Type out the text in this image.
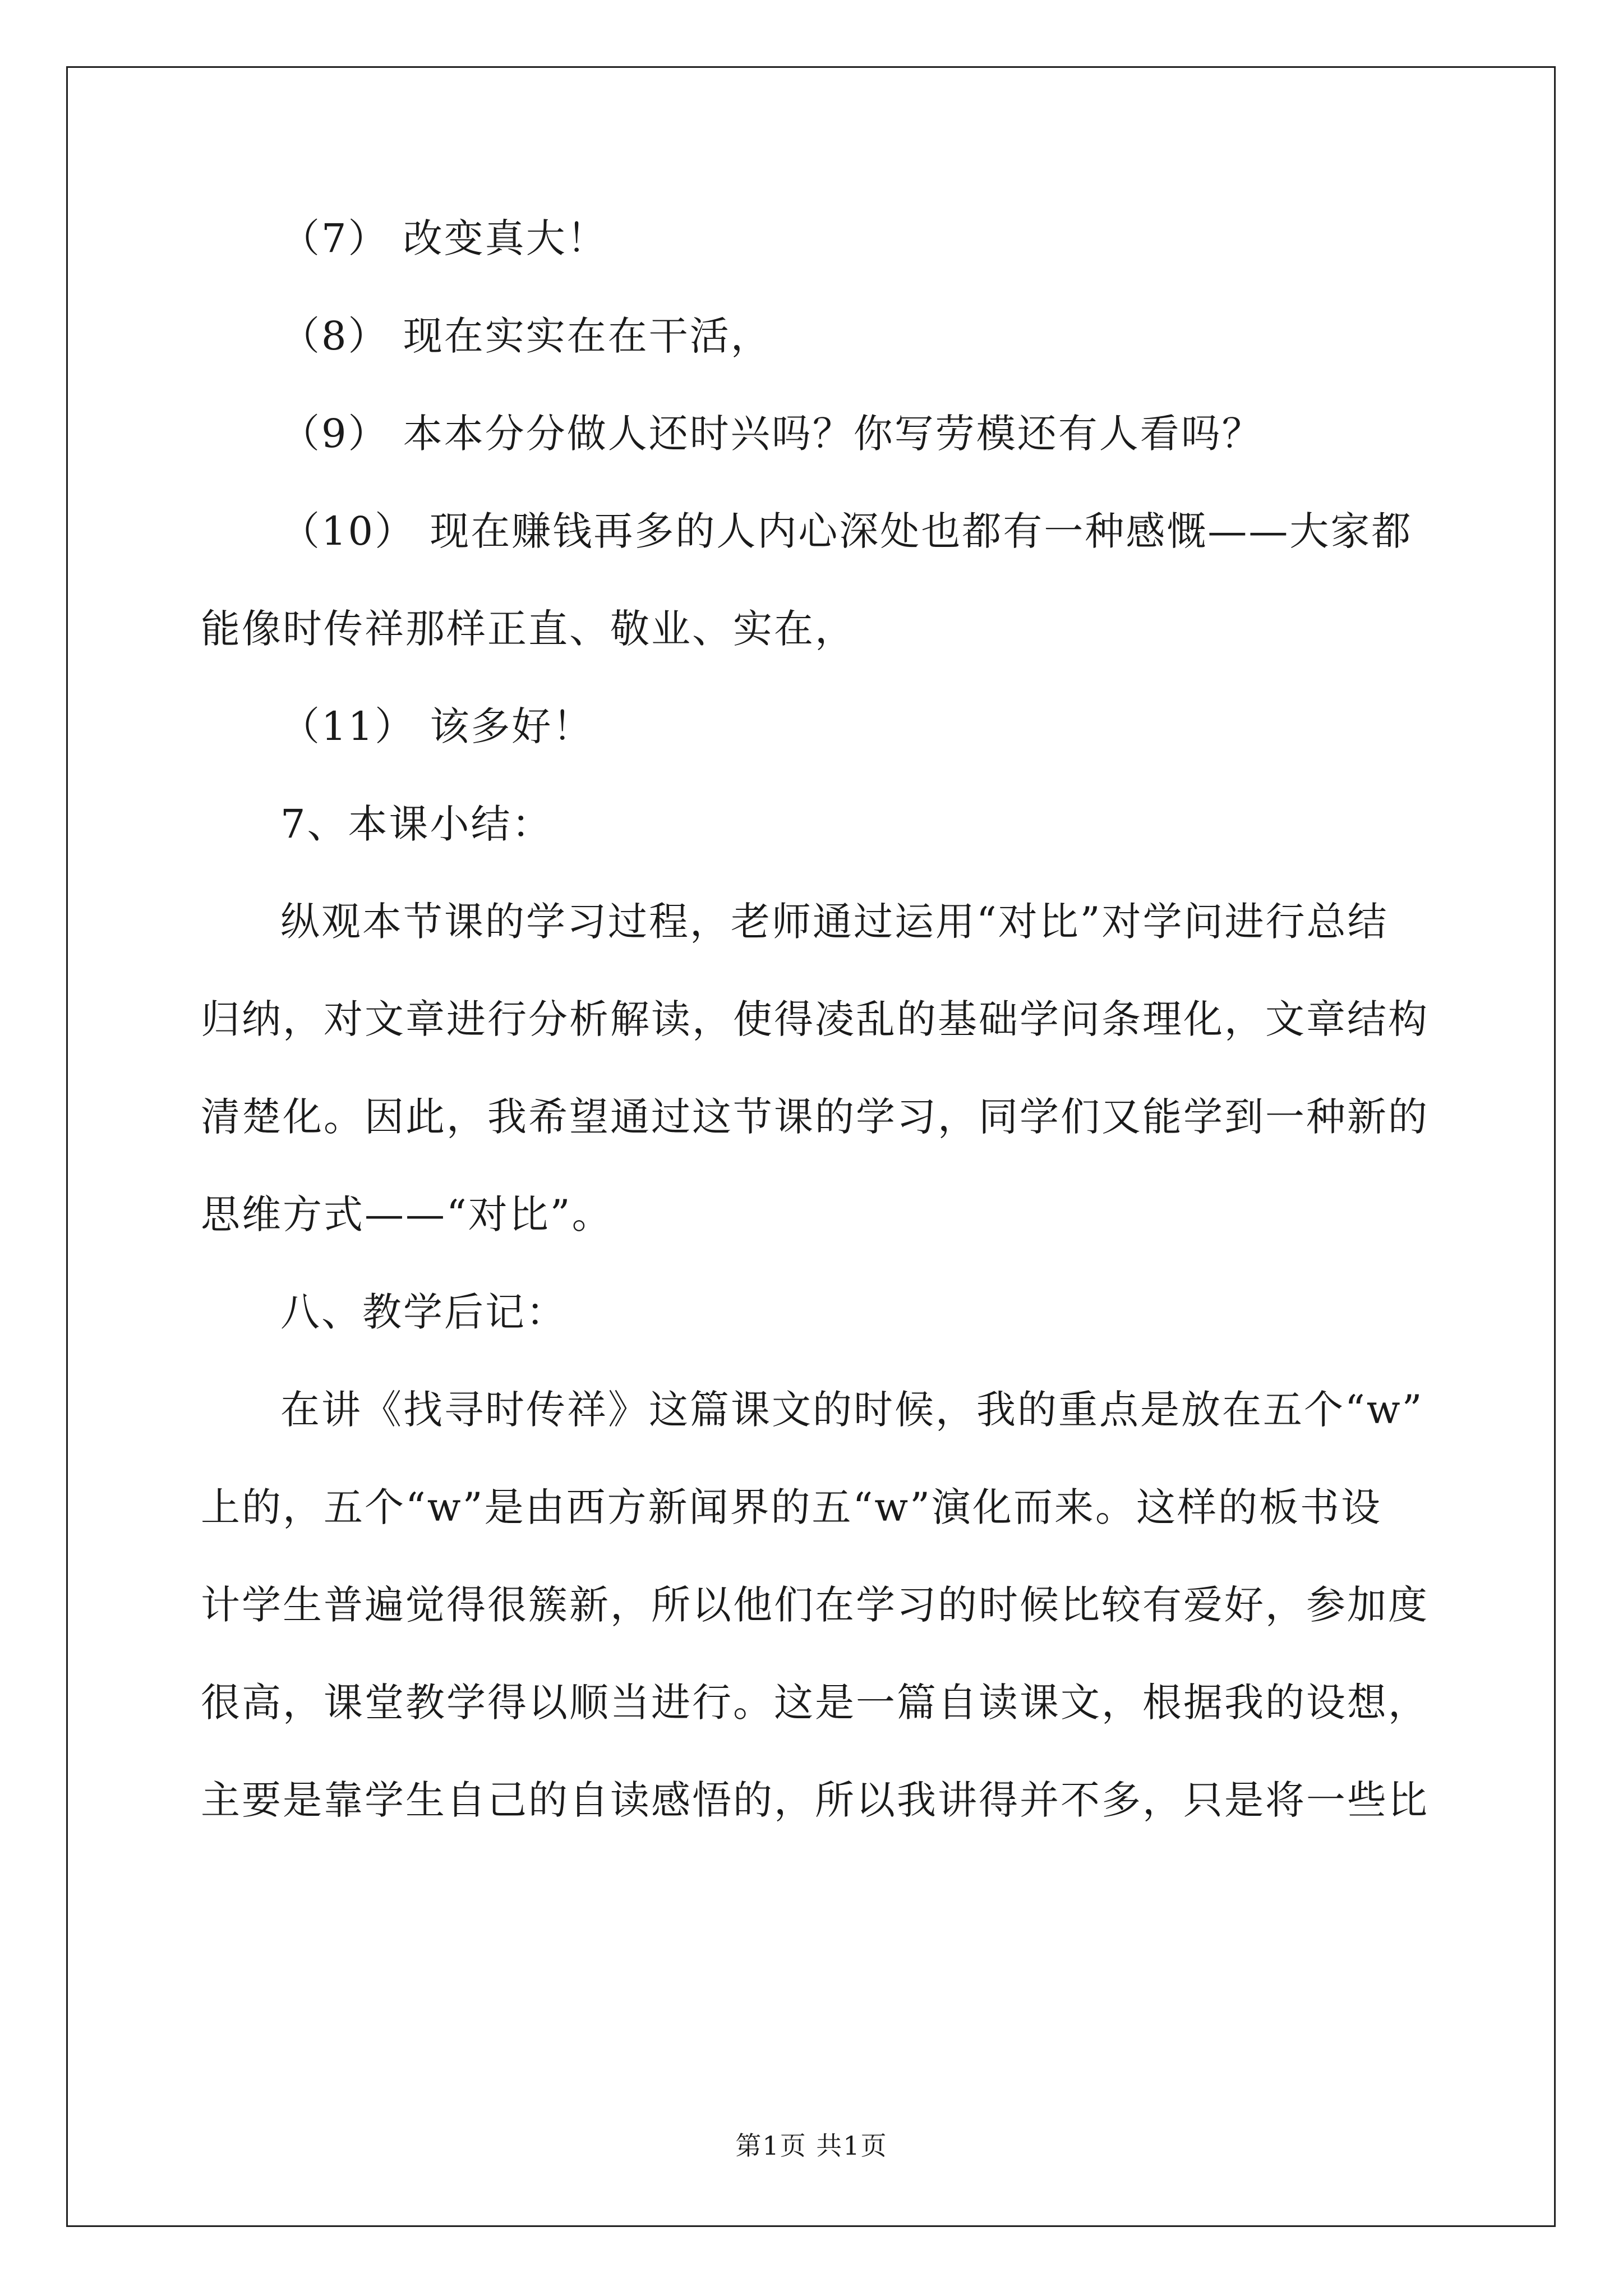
（7） 改变真大！
（8） 现在实实在在干活，
（9） 本本分分做人还时兴吗？你写劳模还有人看吗？
（10） 现在赚钱再多的人内心深处也都有一种感慨——大家都
能像时传祥那样正直、敬业、实在，
（11） 该多好！
7、本课小结：
纵观本节课的学习过程，老师通过运用“对比”对学问进行总结
归纳，对文章进行分析解读，使得凌乱的基础学问条理化，文章结构
清楚化。因此，我希望通过这节课的学习，同学们又能学到一种新的
思维方式——“对比”。
八、教学后记：
在讲《找寻时传祥》这篇课文的时候，我的重点是放在五个“w”
上的，五个“w”是由西方新闻界的五“w”演化而来。这样的板书设
计学生普遍觉得很簇新，所以他们在学习的时候比较有爱好，参加度
很高，课堂教学得以顺当进行。这是一篇自读课文，根据我的设想，
主要是靠学生自己的自读感悟的，所以我讲得并不多，只是将一些比
第1页 共1页
